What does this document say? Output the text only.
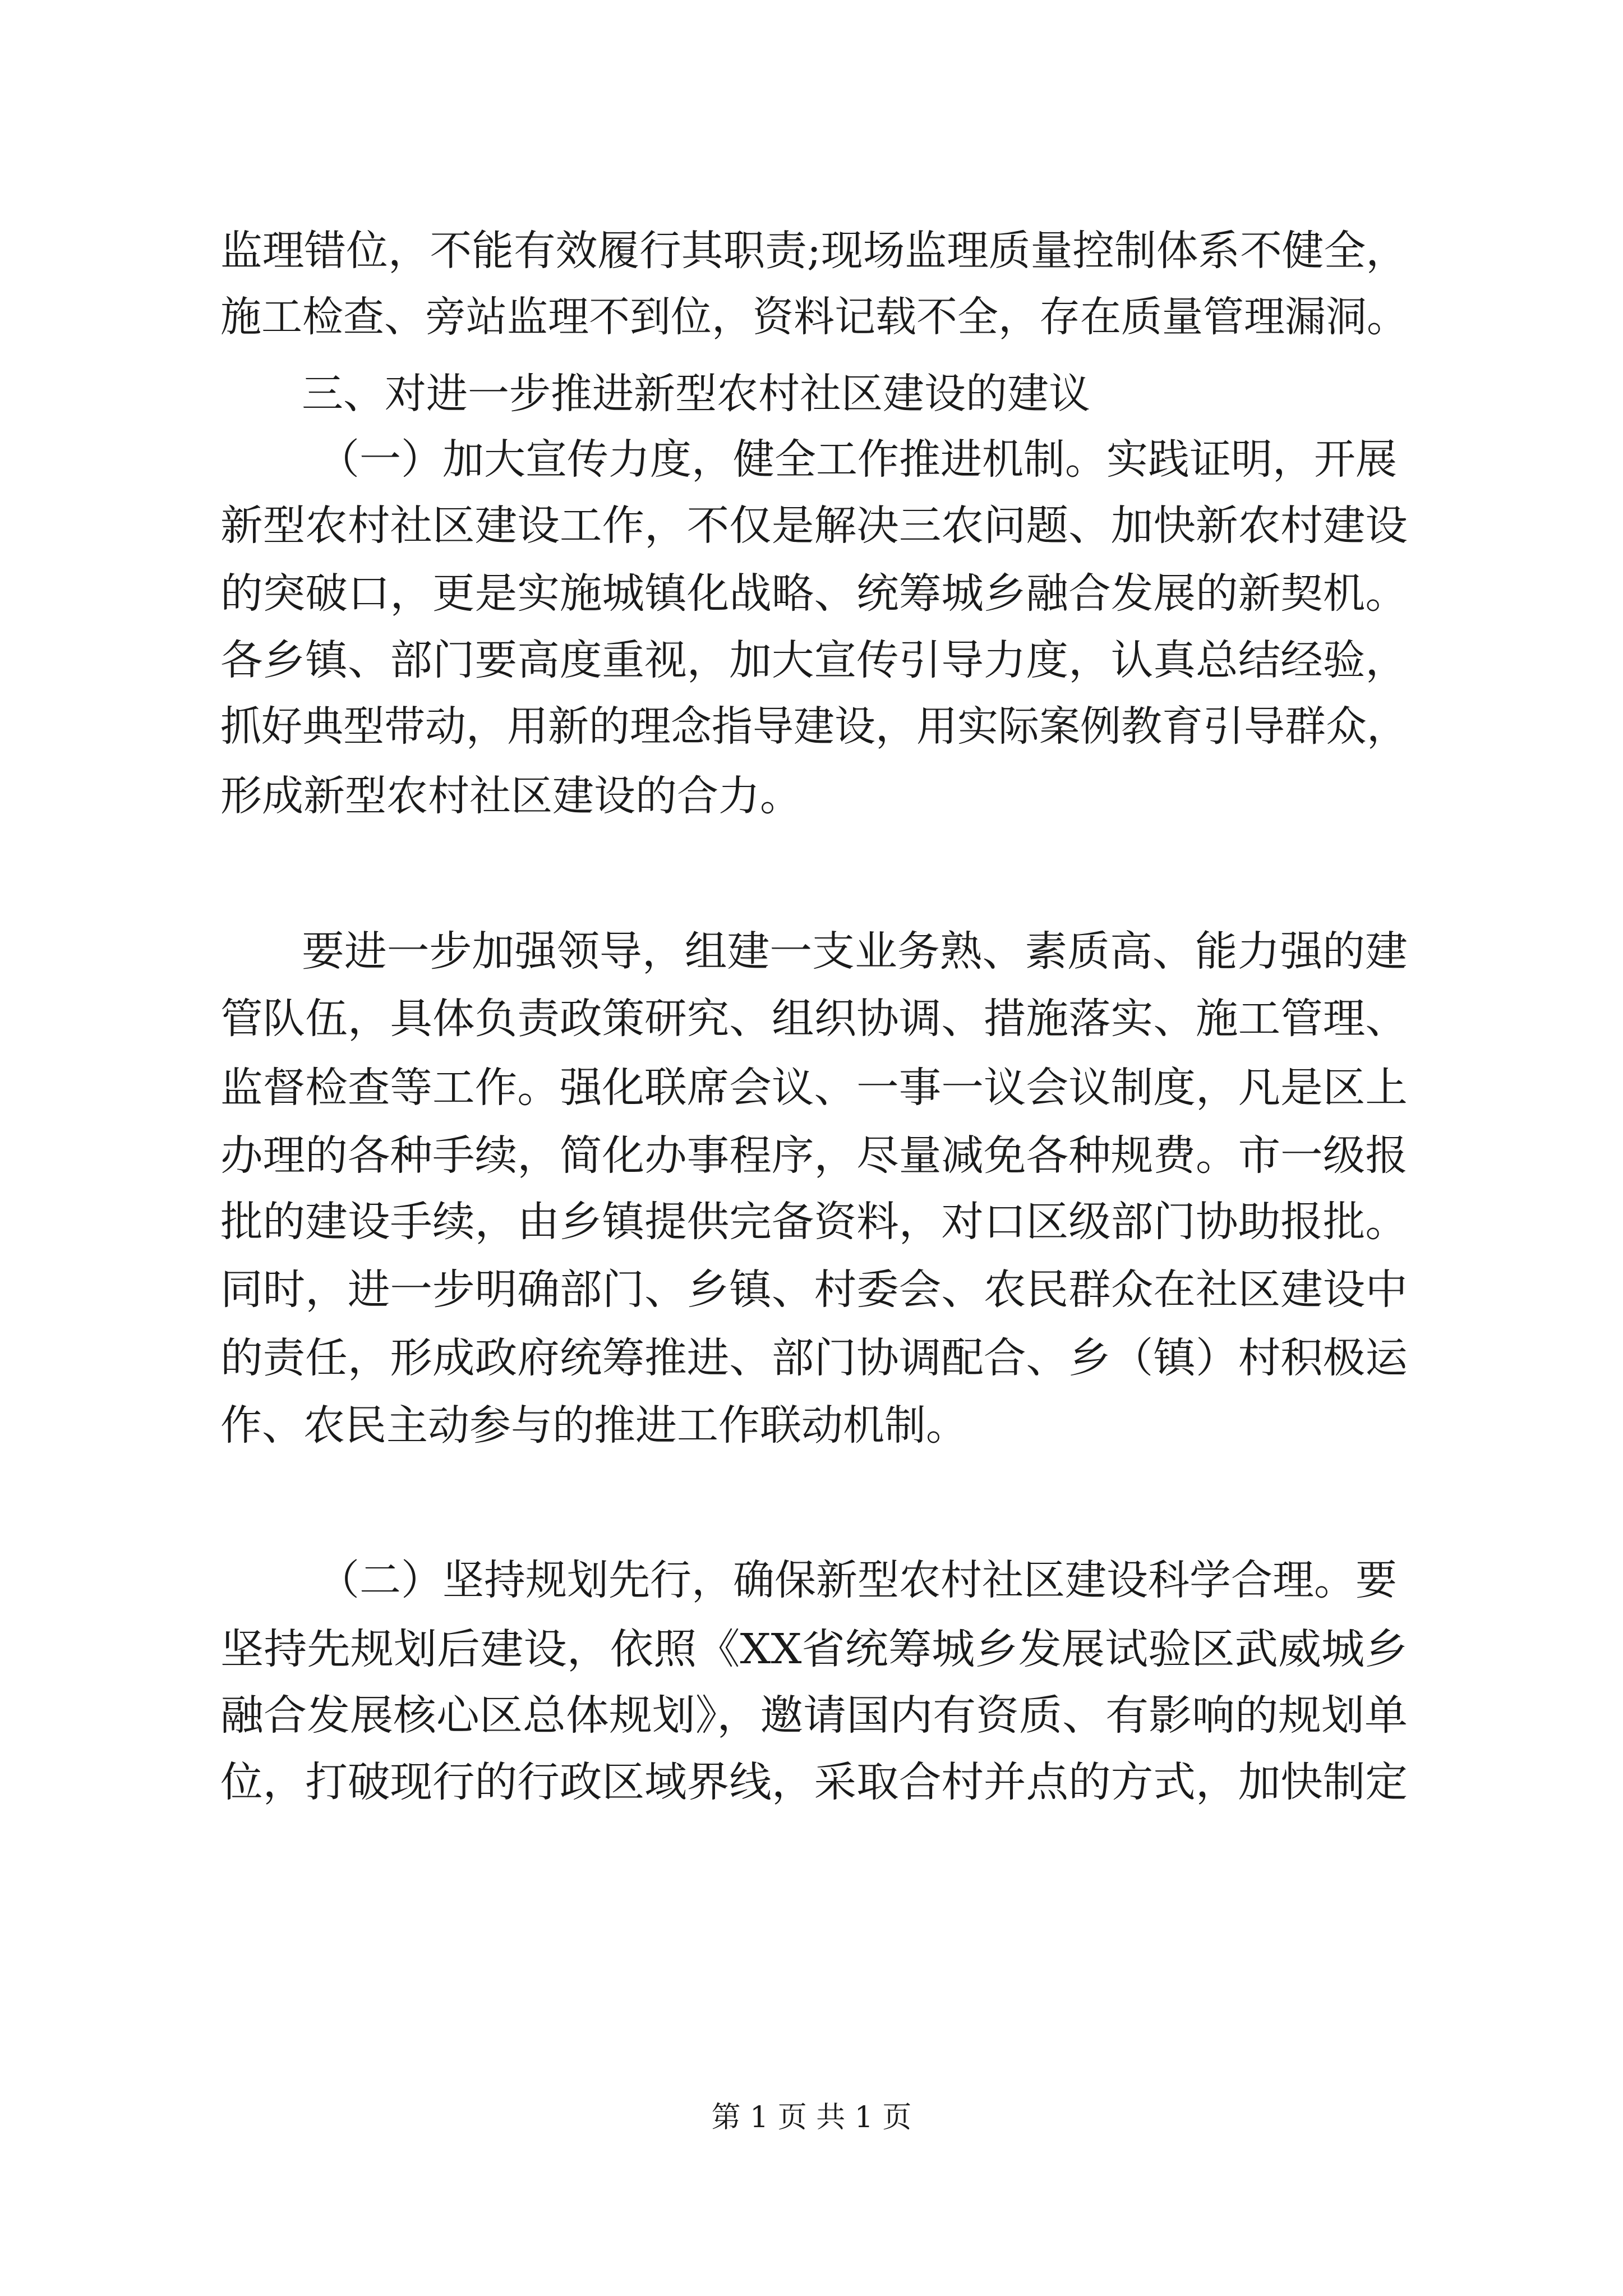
监理错位，不能有效履行其职责;现场监理质量控制体系不健全，
施工检查、旁站监理不到位，资料记载不全，存在质量管理漏洞。
三、对进一步推进新型农村社区建设的建议
（一）加大宣传力度，健全工作推进机制。实践证明，开展
新型农村社区建设工作，不仅是解决三农问题、加快新农村建设
的突破口，更是实施城镇化战略、统筹城乡融合发展的新契机。
各乡镇、部门要高度重视，加大宣传引导力度，认真总结经验，
抓好典型带动，用新的理念指导建设，用实际案例教育引导群众，
形成新型农村社区建设的合力。
要进一步加强领导，组建一支业务熟、素质高、能力强的建
管队伍，具体负责政策研究、组织协调、措施落实、施工管理、
监督检查等工作。强化联席会议、一事一议会议制度，凡是区上
办理的各种手续，简化办事程序，尽量减免各种规费。市一级报
批的建设手续，由乡镇提供完备资料，对口区级部门协助报批。
同时，进一步明确部门、乡镇、村委会、农民群众在社区建设中
的责任，形成政府统筹推进、部门协调配合、乡（镇）村积极运
作、农民主动参与的推进工作联动机制。
（二）坚持规划先行，确保新型农村社区建设科学合理。要
坚持先规划后建设，依照《XX省统筹城乡发展试验区武威城乡
融合发展核心区总体规划》，邀请国内有资质、有影响的规划单
位，打破现行的行政区域界线，采取合村并点的方式，加快制定
第 1 页 共 1 页
